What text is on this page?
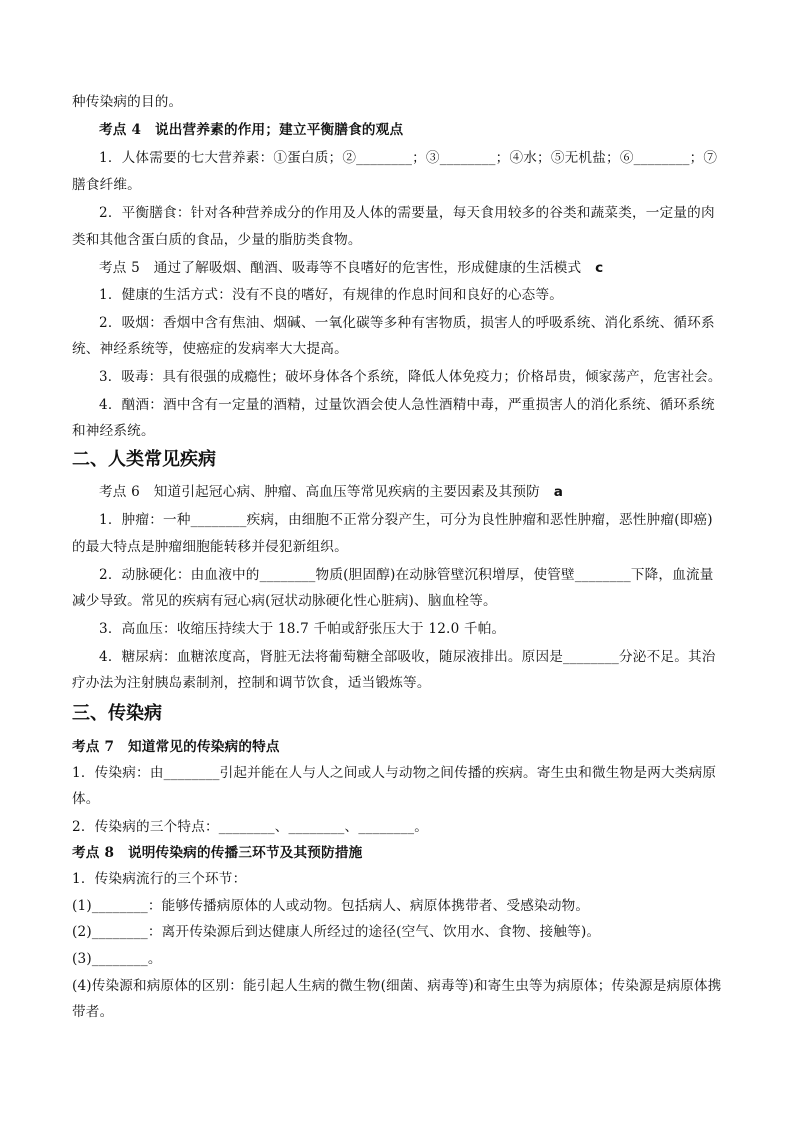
种传染病的目的。
考点 4　说出营养素的作用；建立平衡膳食的观点
1．人体需要的七大营养素：①蛋白质；②________；③________；④水；⑤无机盐；⑥________；⑦
膳食纤维。
2．平衡膳食：针对各种营养成分的作用及人体的需要量，每天食用较多的谷类和蔬菜类，一定量的肉
类和其他含蛋白质的食品，少量的脂肪类食物。
考点 5　通过了解吸烟、酗酒、吸毒等不良嗜好的危害性，形成健康的生活模式　c
1．健康的生活方式：没有不良的嗜好，有规律的作息时间和良好的心态等。
2．吸烟：香烟中含有焦油、烟碱、一氧化碳等多种有害物质，损害人的呼吸系统、消化系统、循环系
统、神经系统等，使癌症的发病率大大提高。
3．吸毒：具有很强的成瘾性；破坏身体各个系统，降低人体免疫力；价格昂贵，倾家荡产，危害社会。
4．酗酒：酒中含有一定量的酒精，过量饮酒会使人急性酒精中毒，严重损害人的消化系统、循环系统
和神经系统。
二、人类常见疾病
考点 6　知道引起冠心病、肿瘤、高血压等常见疾病的主要因素及其预防　a
1．肿瘤：一种________疾病，由细胞不正常分裂产生，可分为良性肿瘤和恶性肿瘤，恶性肿瘤(即癌)
的最大特点是肿瘤细胞能转移并侵犯新组织。
2．动脉硬化：由血液中的________物质(胆固醇)在动脉管壁沉积增厚，使管壁________下降，血流量
减少导致。常见的疾病有冠心病(冠状动脉硬化性心脏病)、脑血栓等。
3．高血压：收缩压持续大于 18.7 千帕或舒张压大于 12.0 千帕。
4．糖尿病：血糖浓度高，肾脏无法将葡萄糖全部吸收，随尿液排出。原因是________分泌不足。其治
疗办法为注射胰岛素制剂，控制和调节饮食，适当锻炼等。
三、传染病
考点 7　知道常见的传染病的特点
1．传染病：由________引起并能在人与人之间或人与动物之间传播的疾病。寄生虫和微生物是两大类病原
体。
2．传染病的三个特点：________、________、________。
考点 8　说明传染病的传播三环节及其预防措施
1．传染病流行的三个环节：
(1)________：能够传播病原体的人或动物。包括病人、病原体携带者、受感染动物。
(2)________：离开传染源后到达健康人所经过的途径(空气、饮用水、食物、接触等)。
(3)________。
(4)传染源和病原体的区别：能引起人生病的微生物(细菌、病毒等)和寄生虫等为病原体；传染源是病原体携
带者。
